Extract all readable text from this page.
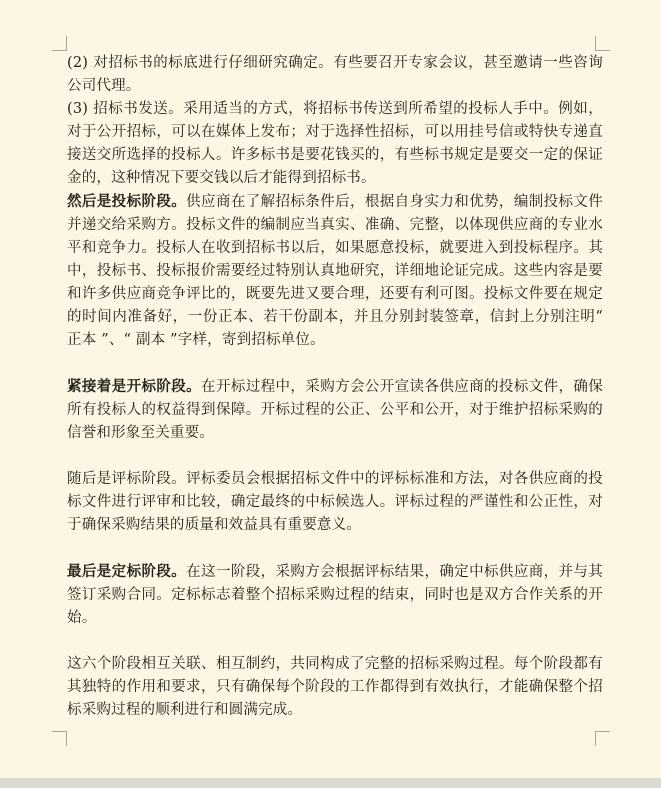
(2) 对招标书的标底进行仔细研究确定。有些要召开专家会议，甚至邀请一些咨询公司代理。

(3) 招标书发送。采用适当的方式，将招标书传送到所希望的投标人手中。例如，对于公开招标，可以在媒体上发布；对于选择性招标，可以用挂号信或特快专递直接送交所选择的投标人。许多标书是要花钱买的，有些标书规定是要交一定的保证金的，这种情况下要交钱以后才能得到招标书。

然后是投标阶段。供应商在了解招标条件后，根据自身实力和优势，编制投标文件并递交给采购方。投标文件的编制应当真实、准确、完整，以体现供应商的专业水平和竞争力。投标人在收到招标书以后，如果愿意投标，就要进入到投标程序。其中，投标书、投标报价需要经过特别认真地研究，详细地论证完成。这些内容是要和许多供应商竞争评比的，既要先进又要合理，还要有利可图。投标文件要在规定的时间内准备好，一份正本、若干份副本，并且分别封装签章，信封上分别注明“ 正本 ”、“ 副本 ”字样，寄到招标单位。

紧接着是开标阶段。在开标过程中，采购方会公开宣读各供应商的投标文件，确保所有投标人的权益得到保障。开标过程的公正、公平和公开，对于维护招标采购的信誉和形象至关重要。

随后是评标阶段。评标委员会根据招标文件中的评标标准和方法，对各供应商的投标文件进行评审和比较，确定最终的中标候选人。评标过程的严谨性和公正性，对于确保采购结果的质量和效益具有重要意义。

最后是定标阶段。在这一阶段，采购方会根据评标结果，确定中标供应商，并与其签订采购合同。定标标志着整个招标采购过程的结束，同时也是双方合作关系的开始。

这六个阶段相互关联、相互制约，共同构成了完整的招标采购过程。每个阶段都有其独特的作用和要求，只有确保每个阶段的工作都得到有效执行，才能确保整个招标采购过程的顺利进行和圆满完成。
